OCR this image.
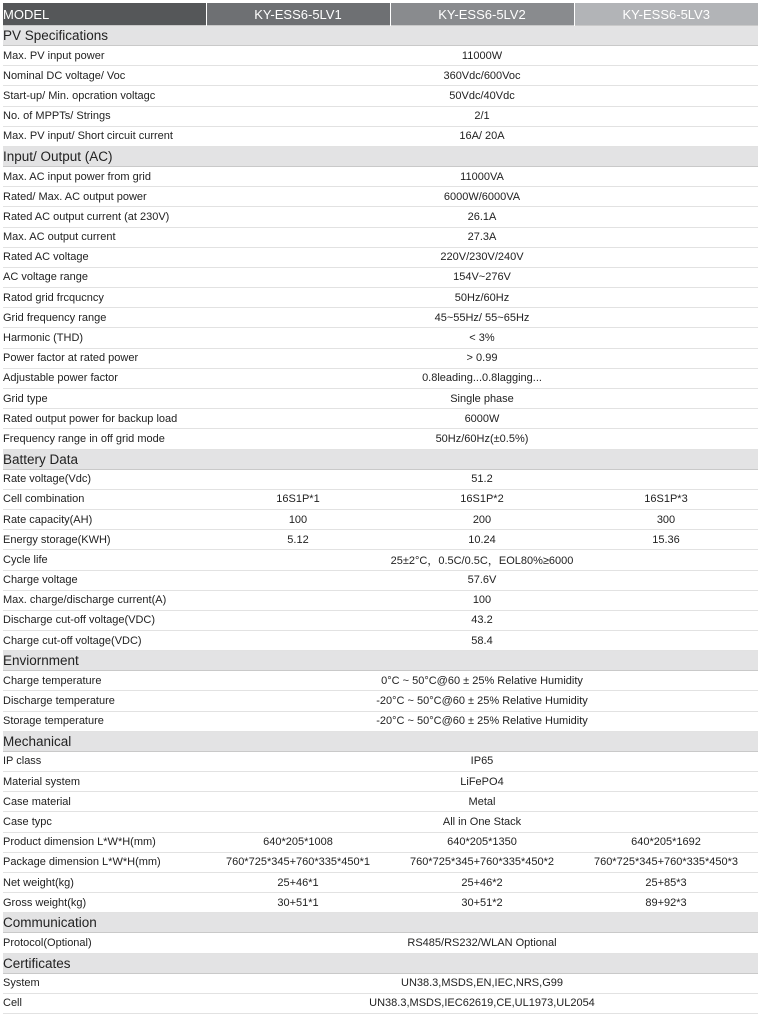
MODEL	KY-ESS6-5LV1	KY-ESS6-5LV2	KY-ESS6-5LV3
PV Specifications			
Max. PV input power	11000W		
Nominal DC voltage/ Voc	360Vdc/600Voc		
Start-up/ Min. opcration voltagc	50Vdc/40Vdc		
No. of MPPTs/ Strings	2/1		
Max. PV input/ Short circuit current	16A/ 20A		
Input/ Output (AC)			
Max. AC input power from grid	11000VA		
Rated/ Max. AC output power	6000W/6000VA		
Rated AC output current (at 230V)	26.1A		
Max. AC output current	27.3A		
Rated AC voltage	220V/230V/240V		
AC voltage range	154V~276V		
Ratod grid frcqucncy	50Hz/60Hz		
Grid frequency range	45~55Hz/ 55~65Hz		
Harmonic (THD)	< 3%		
Power factor at rated power	> 0.99		
Adjustable power factor	0.8leading...0.8lagging...		
Grid type	Single phase		
Rated output power for backup load	6000W		
Frequency range in off grid mode	50Hz/60Hz(±0.5%)		
Battery Data			
Rate voltage(Vdc)	51.2		
Cell combination	16S1P*1	16S1P*2	16S1P*3
Rate capacity(AH)	100	200	300
Energy storage(KWH)	5.12	10.24	15.36
Cycle life	25±2°C，0.5C/0.5C，EOL80%≥6000		
Charge voltage	57.6V		
Max. charge/discharge current(A)	100		
Discharge cut-off voltage(VDC)	43.2		
Charge cut-off voltage(VDC)	58.4		
Enviornment			
Charge temperature	0°C ~ 50°C@60 ± 25% Relative Humidity		
Discharge temperature	-20°C ~ 50°C@60 ± 25% Relative Humidity		
Storage temperature	-20°C ~ 50°C@60 ± 25% Relative Humidity		
Mechanical			
IP class	IP65		
Material system	LiFePO4		
Case material	Metal		
Case typc	All in One Stack		
Product dimension L*W*H(mm)	640*205*1008	640*205*1350	640*205*1692
Package dimension L*W*H(mm)	760*725*345+760*335*450*1	760*725*345+760*335*450*2	760*725*345+760*335*450*3
Net weight(kg)	25+46*1	25+46*2	25+85*3
Gross weight(kg)	30+51*1	30+51*2	89+92*3
Communication			
Protocol(Optional)	RS485/RS232/WLAN Optional		
Certificates			
System	UN38.3,MSDS,EN,IEC,NRS,G99		
Cell	UN38.3,MSDS,IEC62619,CE,UL1973,UL2054		
